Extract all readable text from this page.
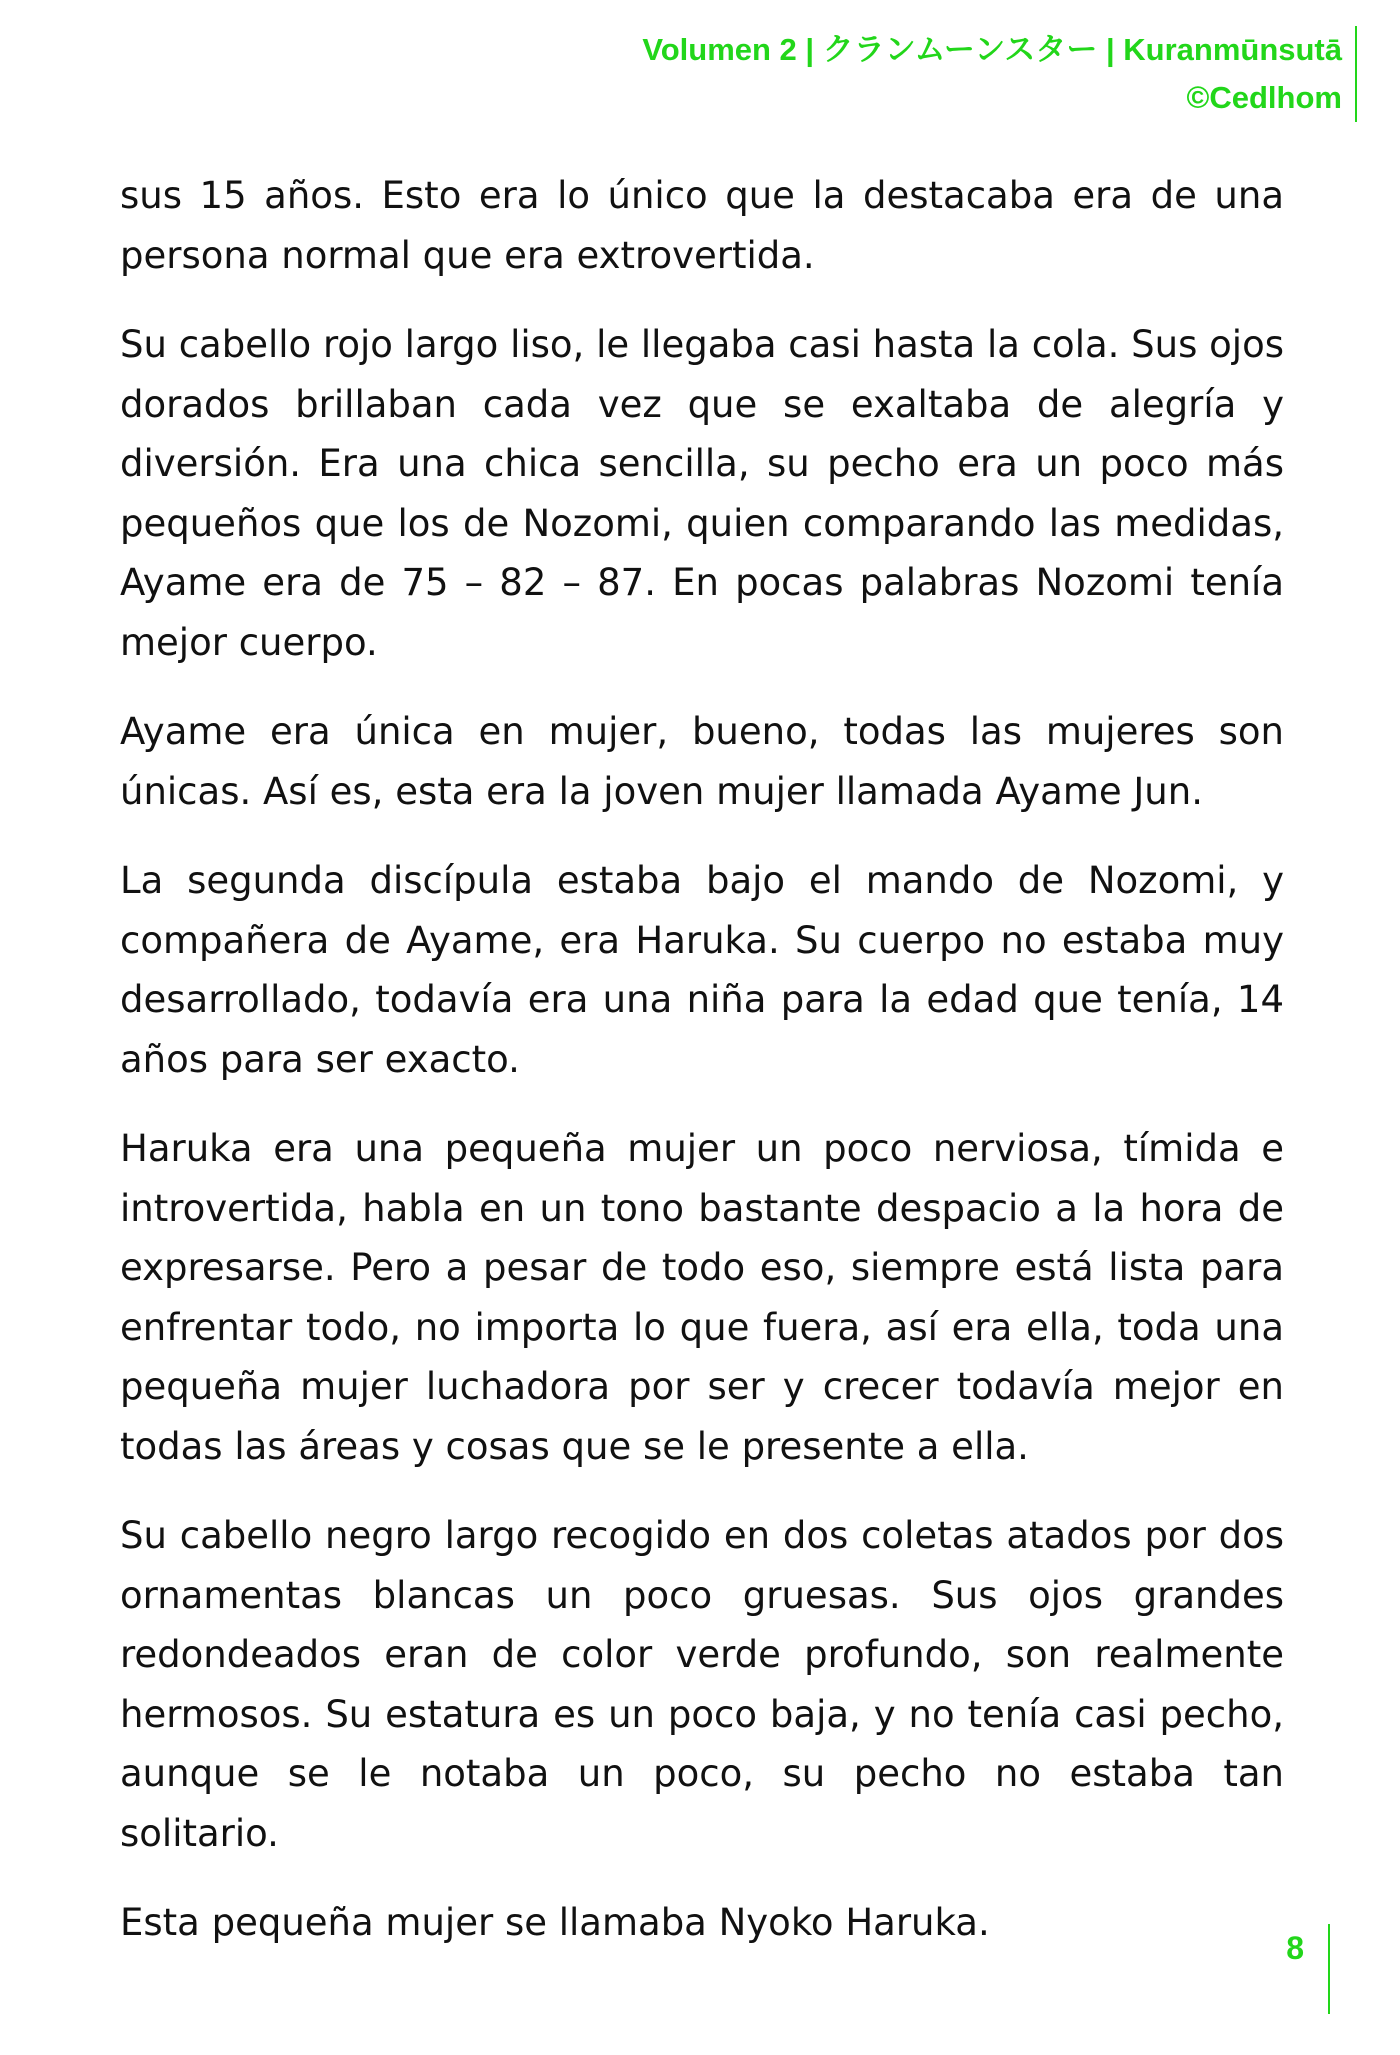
Volumen 2 | クランムーンスター | Kuranmūnsutā
©Cedlhom

sus 15 años. Esto era lo único que la destacaba era de una persona normal que era extrovertida.

Su cabello rojo largo liso, le llegaba casi hasta la cola. Sus ojos dorados brillaban cada vez que se exaltaba de alegría y diversión. Era una chica sencilla, su pecho era un poco más pequeños que los de Nozomi, quien comparando las medidas, Ayame era de 75 – 82 – 87. En pocas palabras Nozomi tenía mejor cuerpo.

Ayame era única en mujer, bueno, todas las mujeres son únicas. Así es, esta era la joven mujer llamada Ayame Jun.

La segunda discípula estaba bajo el mando de Nozomi, y compañera de Ayame, era Haruka. Su cuerpo no estaba muy desarrollado, todavía era una niña para la edad que tenía, 14 años para ser exacto.

Haruka era una pequeña mujer un poco nerviosa, tímida e introvertida, habla en un tono bastante despacio a la hora de expresarse. Pero a pesar de todo eso, siempre está lista para enfrentar todo, no importa lo que fuera, así era ella, toda una pequeña mujer luchadora por ser y crecer todavía mejor en todas las áreas y cosas que se le presente a ella.

Su cabello negro largo recogido en dos coletas atados por dos ornamentas blancas un poco gruesas. Sus ojos grandes redondeados eran de color verde profundo, son realmente hermosos. Su estatura es un poco baja, y no tenía casi pecho, aunque se le notaba un poco, su pecho no estaba tan solitario.

Esta pequeña mujer se llamaba Nyoko Haruka.

8
